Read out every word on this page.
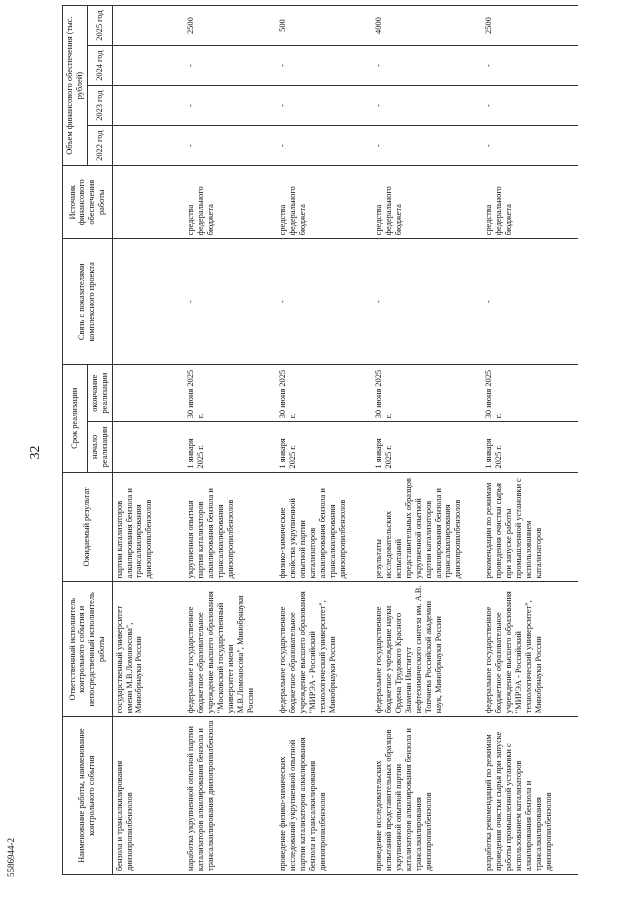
5586944-2
32
Наименование работы, наименование контрольного события	Ответственный исполнитель контрольного события и непосредственный исполнитель работы	Ожидаемый результат	Срок реализации		Связь с показателями комплексного проекта	Источник финансового обеспечения работы	Объем финансового обеспечения (тыс. рублей)			
			начало реализации	окончание реализации			2022 год	2023 год	2024 год	2025 год
бензола и трансалкилирования диизопропилбензолов	государственный университет имени М.В.Ломоносова", Минобрнауки России	партии катализаторов алкилирования бензола и трансалкилирования диизопропилбензолов								
наработка укрупненной опытной партии катализаторов алкилирования бензола и трансалкилирования диизопропилбензола	федеральное государственное бюджетное образовательное учреждение высшего образования "Московский государственный университет имени М.В.Ломоносова", Минобрнауки России	укрупненная опытная партия катализаторов алкилирования бензола и трансалкилирования диизопропилбензолов	1 января 2025 г.	30 июня 2025 г.	-	средства федерального бюджета	-	-	-	2500
проведение физико-химических исследований укрупненной опытной партии катализаторов алкилирования бензола и трансалкилирования диизопропилбензолов	федеральное государственное бюджетное образовательное учреждение высшего образования "МИРЭА - Российский технологический университет", Минобрнауки России	физико-химические свойства укрупненной опытной партии катализаторов алкилирования бензола и трансалкилирования диизопропилбензолов	1 января 2025 г.	30 июня 2025 г.	-	средства федерального бюджета	-	-	-	500
проведение исследовательских испытаний представительных образцов укрупненной опытной партии катализаторов алкилирования бензола и трансалкилирования диизопропилбензолов	федеральное государственное бюджетное учреждение науки Ордена Трудового Красного Знамени Институт нефтехимического синтеза им. А.В. Топчиева Российской академии наук, Минобрнауки России	результаты исследовательских испытаний представительных образцов укрупненной опытной партии катализаторов алкилирования бензола и трансалкилирования диизопропилбензолов	1 января 2025 г.	30 июня 2025 г.	-	средства федерального бюджета	-	-	-	4000
разработка рекомендаций по режимам проведения очистки сырья при запуске работы промышленной установки с использованием катализаторов алкилирования бензола и трансалкилирования диизопропилбензолов	федеральное государственное бюджетное образовательное учреждение высшего образования "МИРЭА - Российский технологический университет", Минобрнауки России	рекомендации по режимам проведения очистки сырья при запуске работы промышленной установки с использованием катализаторов	1 января 2025 г.	30 июня 2025 г.	-	средства федерального бюджета	-	-	-	2500
